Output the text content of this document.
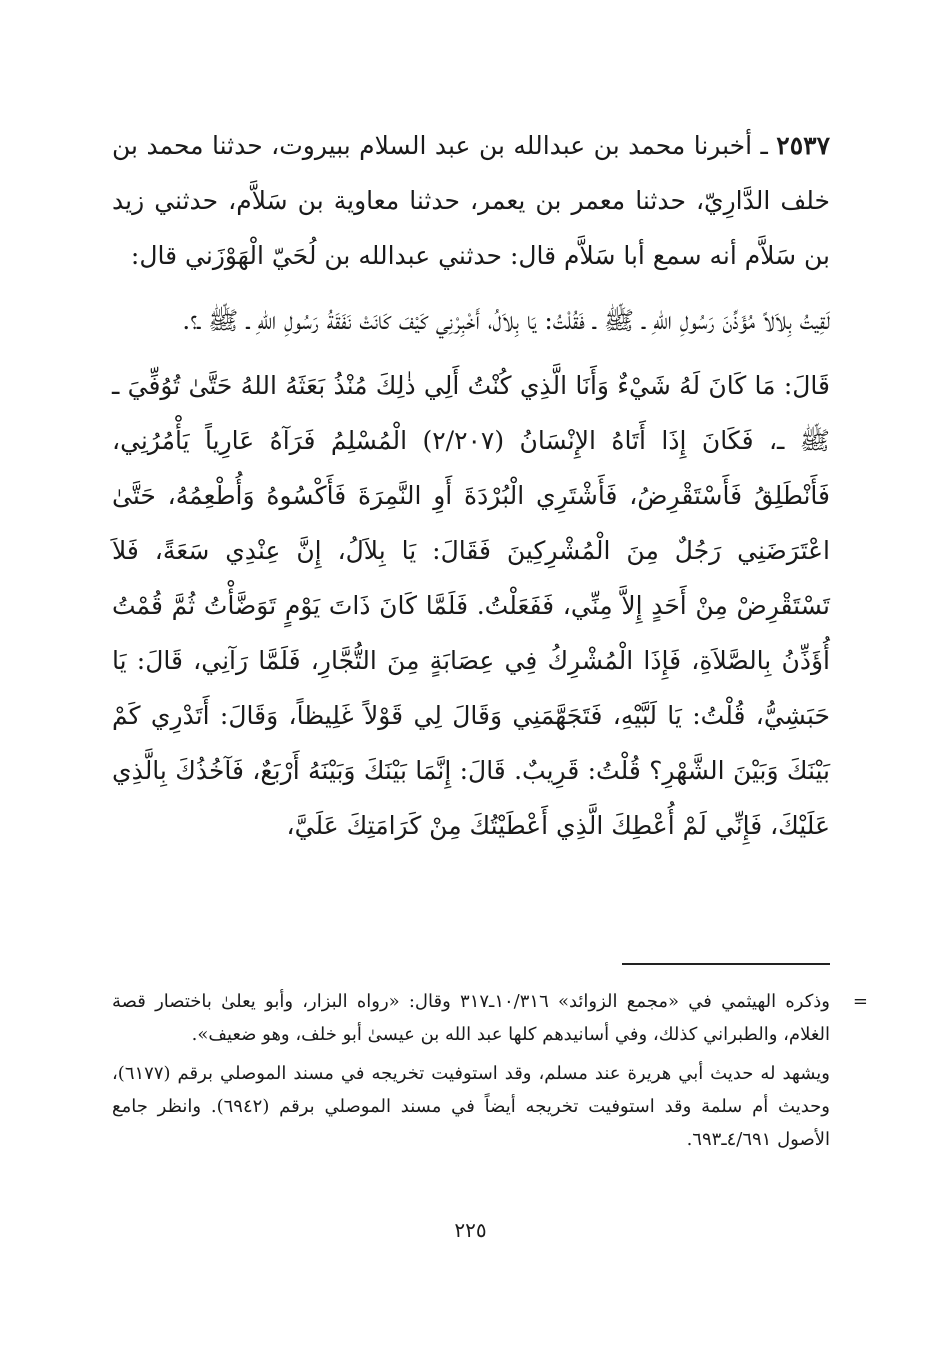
٢٥٣٧ ـ أخبرنا محمد بن عبدالله بن عبد السلام ببيروت، حدثنا محمد بن خلف الدَّارِيّ، حدثنا معمر بن يعمر، حدثنا معاوية بن سَلاَّم، حدثني زيد بن سَلاَّم أنه سمع أبا سَلاَّم قال: حدثني عبدالله بن لُحَيّ الْهَوْزَني قال:

لَقِيتُ بِلاَلاً مُؤَذِّنَ رَسُولِ اللهِ ـ ﷺ ـ فَقُلْتُ: يَا بِلاَلُ، أَخْبِرْنِي كَيْفَ كَانَتْ نَفَقَةُ رَسُولِ اللهِ ـ ﷺ ـ؟.

قَالَ: مَا كَانَ لَهُ شَيْءٌ وَأَنَا الَّذِي كُنْتُ أَلِي ذٰلِكَ مُنْذُ بَعَثَهُ اللهُ حَتَّىٰ تُوُفِّيَ ـ ﷺ ـ، فَكَانَ إِذَا أَتَاهُ الإِنْسَانُ (٢/٢٠٧) الْمُسْلِمُ فَرَآهُ عَارِياً يَأْمُرُنِي، فَأَنْطَلِقُ فَأَسْتَقْرِضُ، فَأَشْتَرِي الْبُرْدَةَ أَوِ النَّمِرَةَ فَأَكْسُوهُ وَأُطْعِمُهُ، حَتَّىٰ اعْتَرَضَنِي رَجُلٌ مِنَ الْمُشْرِكِينَ فَقَالَ: يَا بِلاَلُ، إِنَّ عِنْدِي سَعَةً، فَلاَ تَسْتَقْرِضْ مِنْ أَحَدٍ إِلاَّ مِنِّي، فَفَعَلْتُ. فَلَمَّا كَانَ ذَاتَ يَوْمٍ تَوَضَّأْتُ ثُمَّ قُمْتُ أُؤَذِّنُ بِالصَّلاَةِ، فَإِذَا الْمُشْرِكُ فِي عِصَابَةٍ مِنَ التُّجَّارِ، فَلَمَّا رَآنِي، قَالَ: يَا حَبَشِيُّ، قُلْتُ: يَا لَبَّيْهِ، فَتَجَهَّمَنِي وَقَالَ لِي قَوْلاً غَلِيظاً، وَقَالَ: أَتَدْرِي كَمْ بَيْنَكَ وَبَيْنَ الشَّهْرِ؟ قُلْتُ: قَرِيبٌ. قَالَ: إِنَّمَا بَيْنَكَ وَبَيْنَهُ أَرْبَعٌ، فَآخُذُكَ بِالَّذِي عَلَيْكَ، فَإِنِّي لَمْ أُعْطِكَ الَّذِي أَعْطَيْتُكَ مِنْ كَرَامَتِكَ عَلَيَّ،

=
وذكره الهيثمي في «مجمع الزوائد» ١٠/٣١٦ـ٣١٧ وقال: «رواه البزار، وأبو يعلىٰ باختصار قصة الغلام، والطبراني كذلك، وفي أسانيدهم كلها عبد الله بن عيسىٰ أبو خلف، وهو ضعيف».

ويشهد له حديث أبي هريرة عند مسلم، وقد استوفيت تخريجه في مسند الموصلي برقم (٦١٧٧)، وحديث أم سلمة وقد استوفيت تخريجه أيضاً في مسند الموصلي برقم (٦٩٤٢). وانظر جامع الأصول ٤/٦٩١ـ٦٩٣.

٢٢٥
